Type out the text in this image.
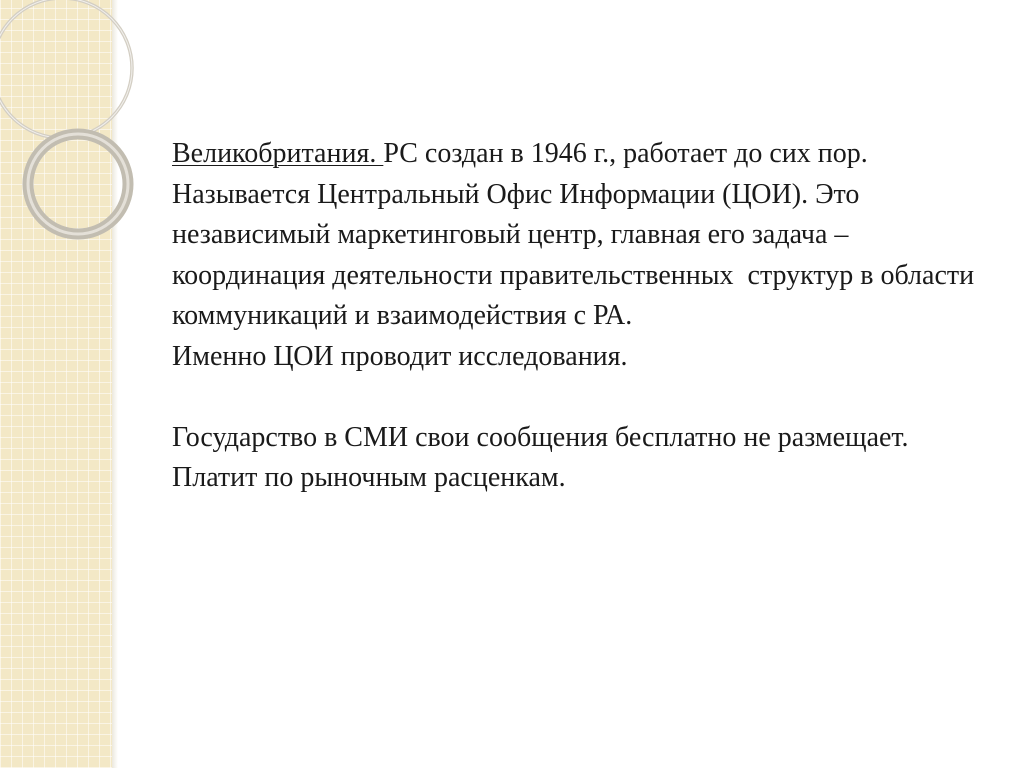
Великобритания. РС создан в 1946 г., работает до сих пор. Называется Центральный Офис Информации (ЦОИ). Это независимый маркетинговый центр, главная его задача – координация деятельности правительственных  структур в области коммуникаций и взаимодействия с РА.

Именно ЦОИ проводит исследования.

Государство в СМИ свои сообщения бесплатно не размещает. Платит по рыночным расценкам.
